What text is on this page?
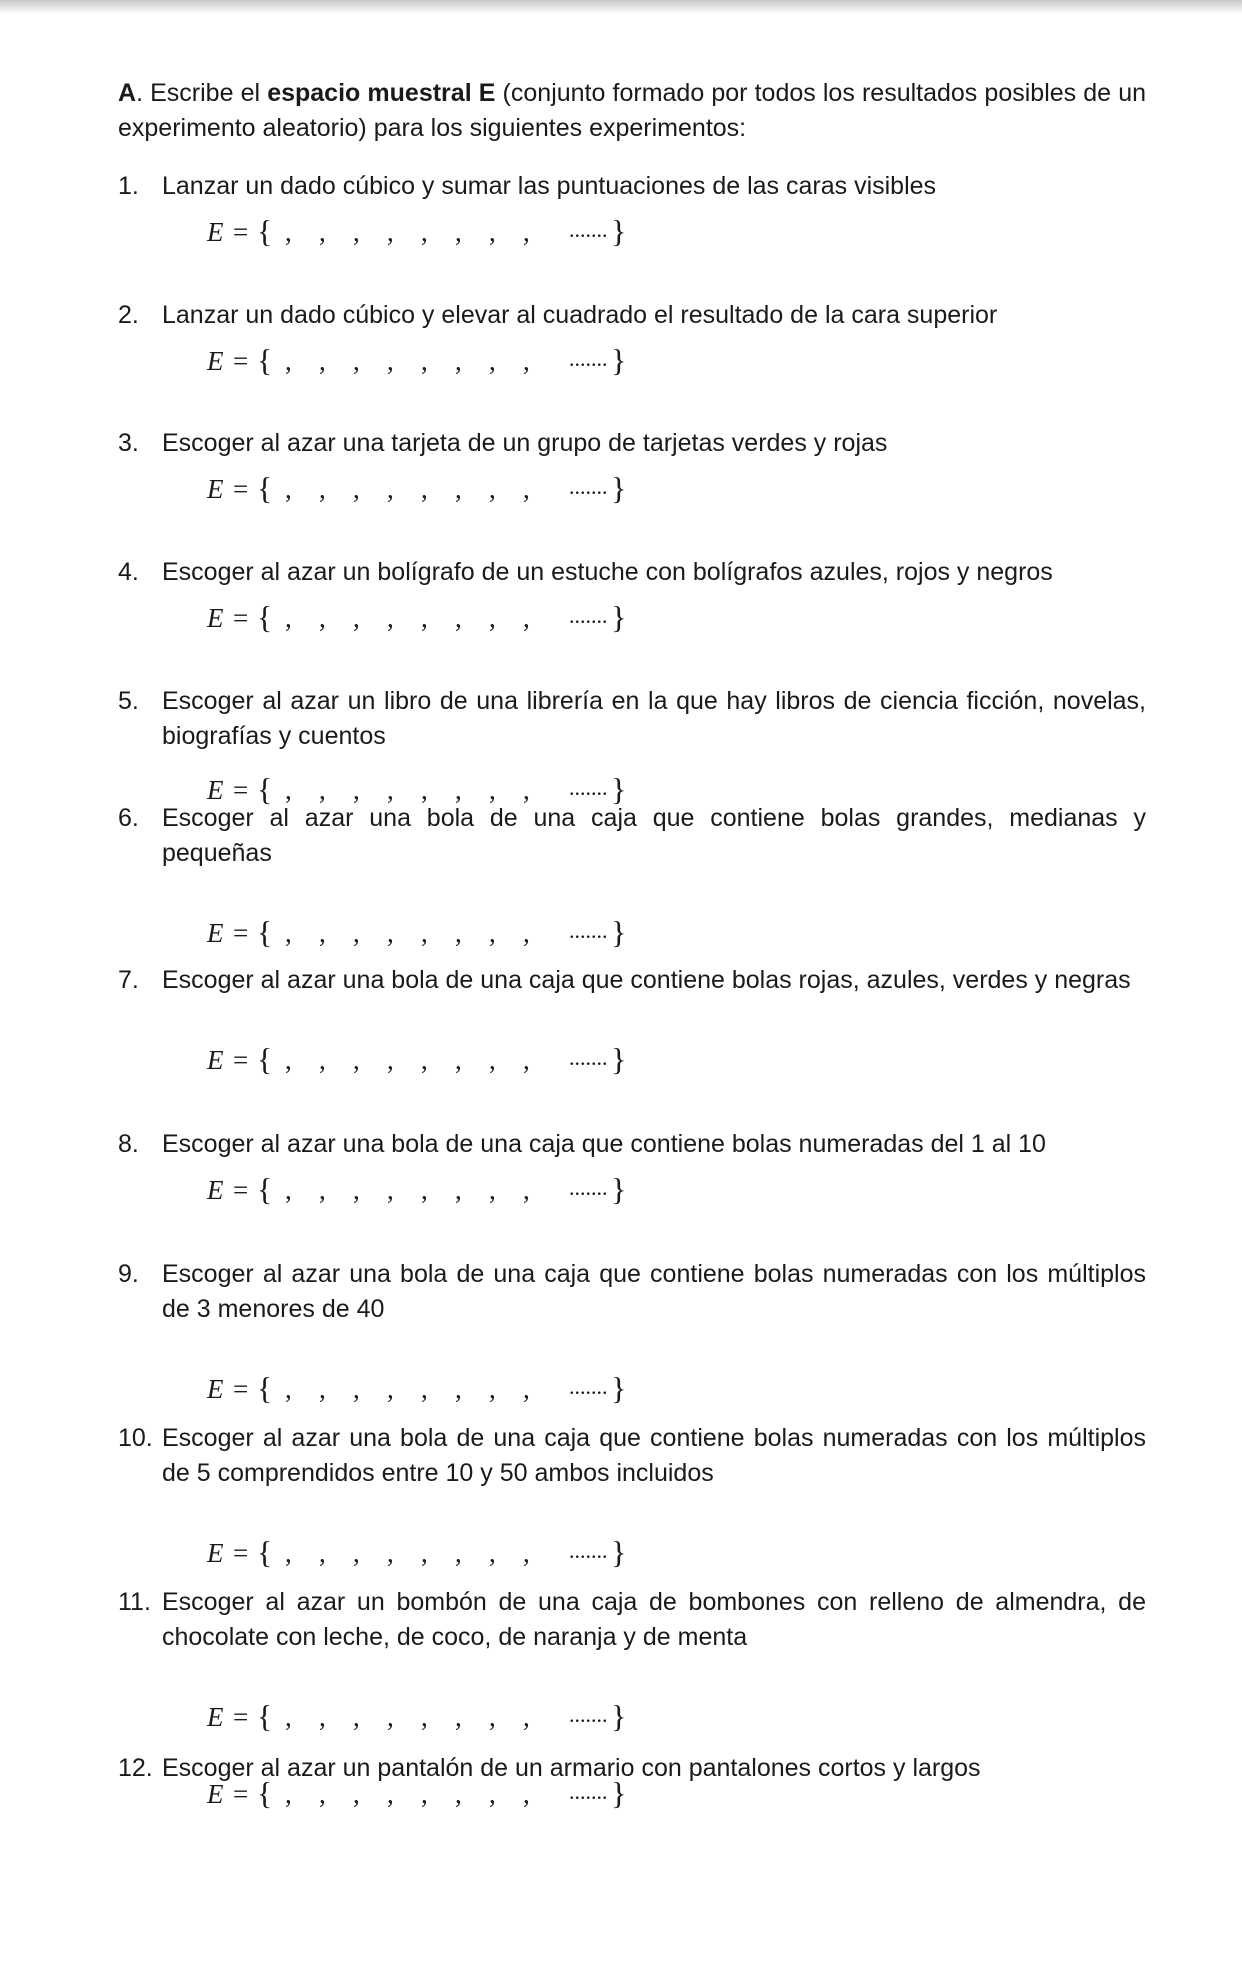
A. Escribe el espacio muestral E (conjunto formado por todos los resultados posibles de un experimento aleatorio) para los siguientes experimentos:

1. Lanzar un dado cúbico y sumar las puntuaciones de las caras visibles
E = { , , , , , , , ,	....... }
2. Lanzar un dado cúbico y elevar al cuadrado el resultado de la cara superior
E = { , , , , , , , ,	....... }
3. Escoger al azar una tarjeta de un grupo de tarjetas verdes y rojas
E = { , , , , , , , ,	....... }
4. Escoger al azar un bolígrafo de un estuche con bolígrafos azules, rojos y negros
E = { , , , , , , , ,	....... }
5. Escoger al azar un libro de una librería en la que hay libros de ciencia ficción, novelas, biografías y cuentos
E = { , , , , , , , ,	....... }
6. Escoger al azar una bola de una caja que contiene bolas grandes, medianas y pequeñas
E = { , , , , , , , ,	....... }
7. Escoger al azar una bola de una caja que contiene bolas rojas, azules, verdes y negras
E = { , , , , , , , ,	....... }
8. Escoger al azar una bola de una caja que contiene bolas numeradas del 1 al 10
E = { , , , , , , , ,	....... }
9. Escoger al azar una bola de una caja que contiene bolas numeradas con los múltiplos de 3 menores de 40
E = { , , , , , , , ,	....... }
10. Escoger al azar una bola de una caja que contiene bolas numeradas con los múltiplos de 5 comprendidos entre 10 y 50 ambos incluidos
E = { , , , , , , , ,	....... }
11. Escoger al azar un bombón de una caja de bombones con relleno de almendra, de chocolate con leche, de coco, de naranja y de menta
E = { , , , , , , , ,	....... }
12. Escoger al azar un pantalón de un armario con pantalones cortos y largos
E = { , , , , , , , ,	....... }
